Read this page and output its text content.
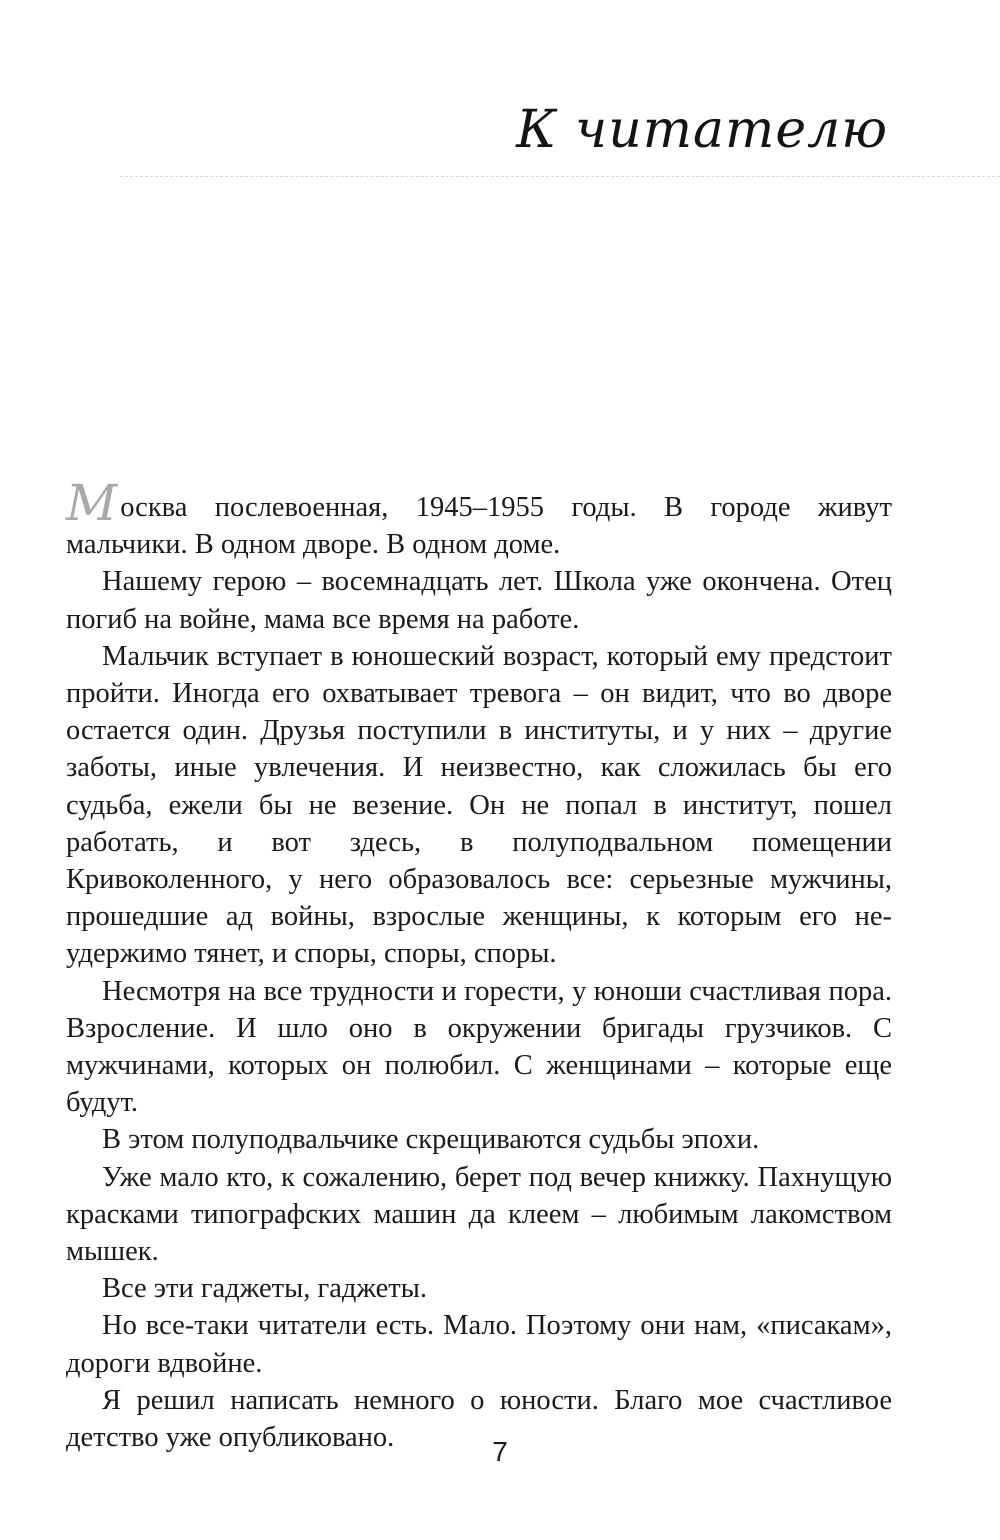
К читателю

Москва послевоенная, 1945–1955 годы. В городе живут мальчики. В одном дворе. В одном доме.

Нашему герою – восемнадцать лет. Школа уже окончена. Отец погиб на войне, мама все время на работе.

Мальчик вступает в юношеский возраст, который ему предстоит пройти. Иногда его охватывает тревога – он видит, что во дворе остается один. Друзья поступили в институты, и у них – другие заботы, иные увлечения. И неизвестно, как сложилась бы его судьба, ежели бы не везение. Он не попал в институт, пошел работать, и вот здесь, в полуподвальном помещении Кривоколенного, у него образовалось все: серьезные мужчины, прошедшие ад войны, взрослые женщины, к которым его неудержимо тянет, и споры, споры, споры.

Несмотря на все трудности и горести, у юноши счастливая пора. Взросление. И шло оно в окружении бригады грузчиков. С мужчинами, которых он полюбил. С женщинами – которые еще будут.

В этом полуподвальчике скрещиваются судьбы эпохи.

Уже мало кто, к сожалению, берет под вечер книжку. Пахнущую красками типографских машин да клеем – любимым лакомством мышек.

Все эти гаджеты, гаджеты.

Но все-таки читатели есть. Мало. Поэтому они нам, «писакам», дороги вдвойне.

Я решил написать немного о юности. Благо мое счастливое детство уже опубликовано.	7
